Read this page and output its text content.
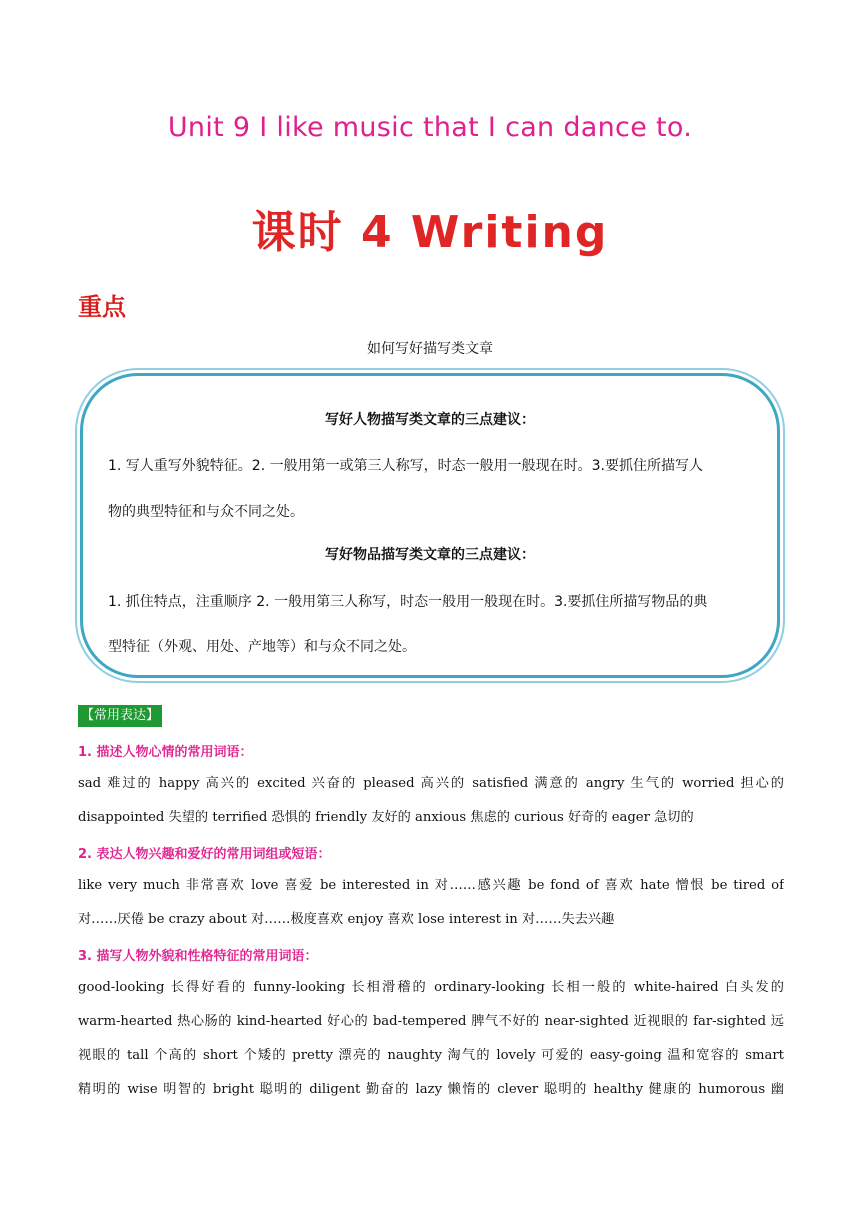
Unit 9 I like music that I can dance to.
课时 4 Writing
重点
如何写好描写类文章
写好人物描写类文章的三点建议：
1. 写人重写外貌特征。2. 一般用第一或第三人称写，时态一般用一般现在时。3.要抓住所描写人
物的典型特征和与众不同之处。
写好物品描写类文章的三点建议：
1. 抓住特点，注重顺序 2. 一般用第三人称写，时态一般用一般现在时。3.要抓住所描写物品的典
型特征（外观、用处、产地等）和与众不同之处。
【常用表达】
1. 描述人物心情的常用词语：
sad 难过的 happy 高兴的 excited 兴奋的 pleased 高兴的 satisfied 满意的 angry 生气的 worried 担心的
disappointed 失望的 terrified 恐惧的 friendly 友好的 anxious 焦虑的 curious 好奇的 eager 急切的
2. 表达人物兴趣和爱好的常用词组或短语：
like very much 非常喜欢 love 喜爱 be interested in 对……感兴趣 be fond of 喜欢 hate 憎恨 be tired of
对……厌倦 be crazy about 对……极度喜欢 enjoy 喜欢 lose interest in 对……失去兴趣
3. 描写人物外貌和性格特征的常用词语：
good-looking 长得好看的 funny-looking 长相滑稽的 ordinary-looking 长相一般的 white-haired 白头发的
warm-hearted 热心肠的 kind-hearted 好心的 bad-tempered 脾气不好的 near-sighted 近视眼的 far-sighted 远
视眼的 tall 个高的 short 个矮的 pretty 漂亮的 naughty 淘气的 lovely 可爱的 easy-going 温和宽容的 smart
精明的 wise 明智的 bright 聪明的 diligent 勤奋的 lazy 懒惰的 clever 聪明的 healthy 健康的 humorous 幽
